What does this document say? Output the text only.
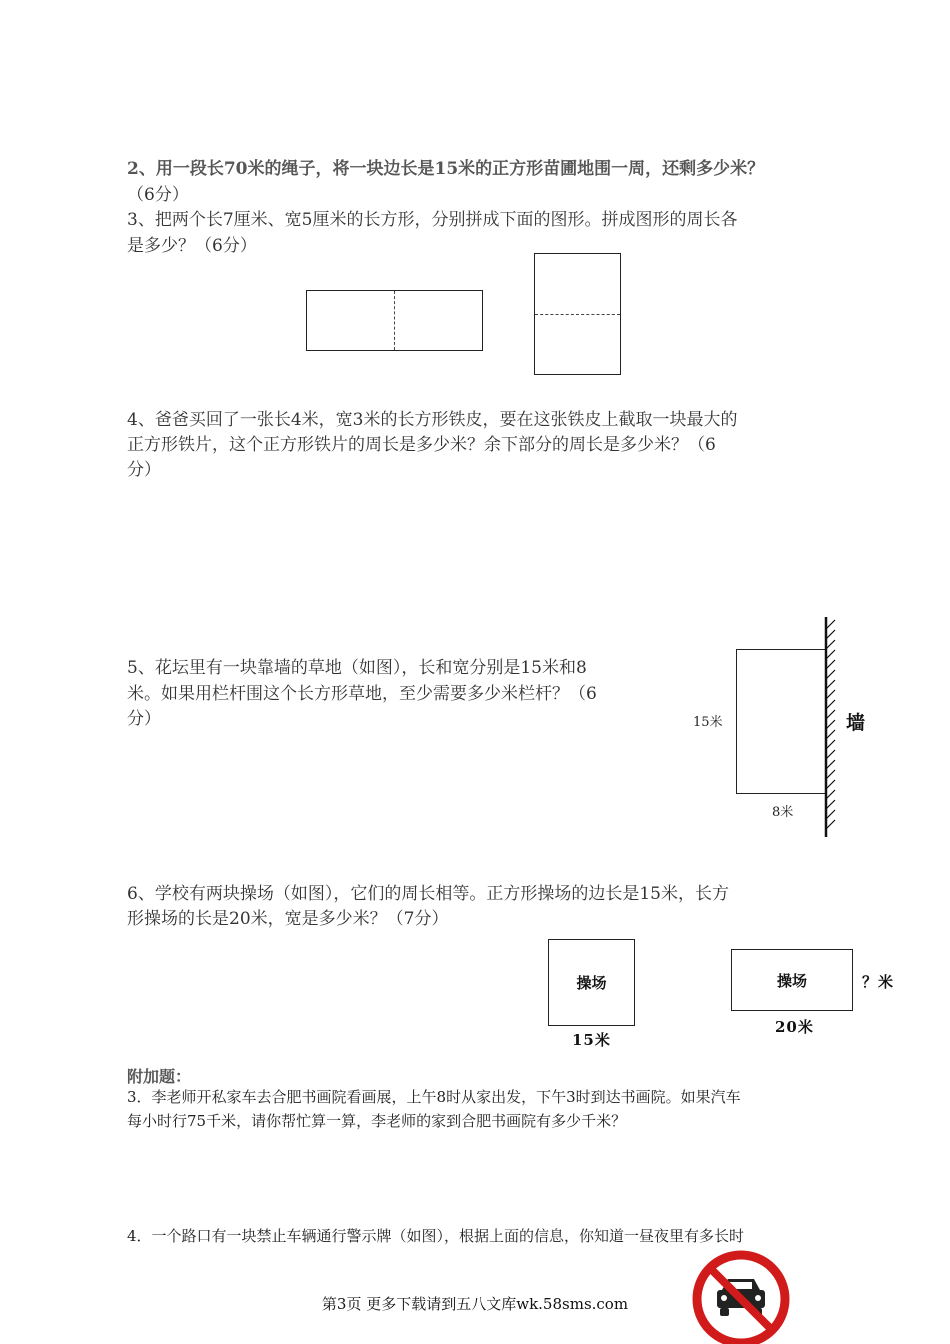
2、用一段长70米的绳子，将一块边长是15米的正方形苗圃地围一周，还剩多少米？
（6分）
3、把两个长7厘米、宽5厘米的长方形，分别拼成下面的图形。拼成图形的周长各
是多少？（6分）
4、爸爸买回了一张长4米，宽3米的长方形铁皮，要在这张铁皮上截取一块最大的
正方形铁片，这个正方形铁片的周长是多少米？余下部分的周长是多少米？（6
分）
5、花坛里有一块靠墙的草地（如图），长和宽分别是15米和8
米。如果用栏杆围这个长方形草地，至少需要多少米栏杆？（6
分）	15米
8米
墙
6、学校有两块操场（如图），它们的周长相等。正方形操场的边长是15米，长方
形操场的长是20米，宽是多少米？（7分）
操场
15米
操场
20米
？米
附加题：
3．李老师开私家车去合肥书画院看画展，上午8时从家出发，下午3时到达书画院。如果汽车
每小时行75千米，请你帮忙算一算，李老师的家到合肥书画院有多少千米？
4．一个路口有一块禁止车辆通行警示牌（如图），根据上面的信息，你知道一昼夜里有多长时
第3页 更多下载请到五八文库wk.58sms.com
